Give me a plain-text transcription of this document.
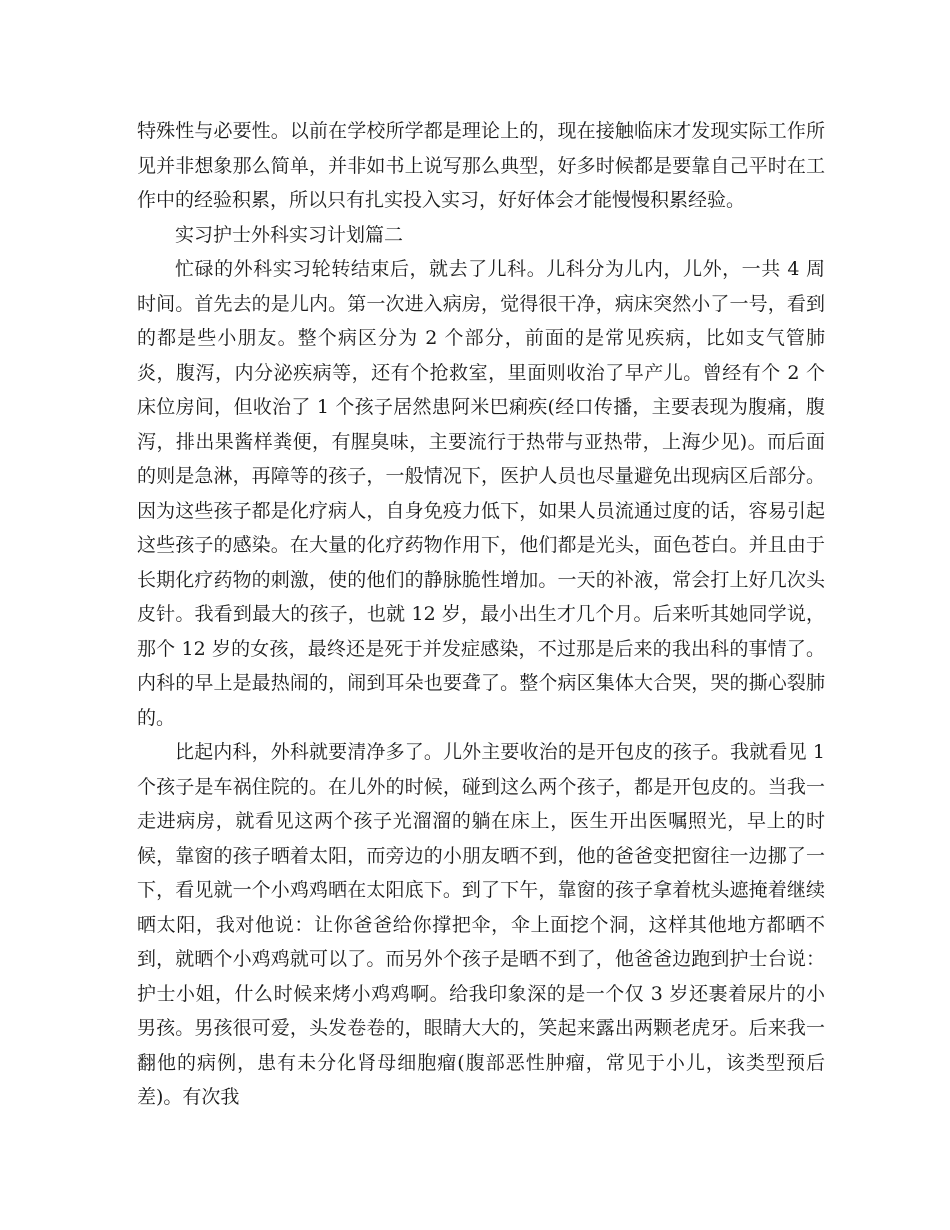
特殊性与必要性。以前在学校所学都是理论上的，现在接触临床才发现实际工作所见并非想象那么简单，并非如书上说写那么典型，好多时候都是要靠自己平时在工作中的经验积累，所以只有扎实投入实习，好好体会才能慢慢积累经验。

实习护士外科实习计划篇二

忙碌的外科实习轮转结束后，就去了儿科。儿科分为儿内，儿外，一共 4 周时间。首先去的是儿内。第一次进入病房，觉得很干净，病床突然小了一号，看到的都是些小朋友。整个病区分为 2 个部分，前面的是常见疾病，比如支气管肺炎，腹泻，内分泌疾病等，还有个抢救室，里面则收治了早产儿。曾经有个 2 个床位房间，但收治了 1 个孩子居然患阿米巴痢疾(经口传播，主要表现为腹痛，腹泻，排出果酱样粪便，有腥臭味，主要流行于热带与亚热带，上海少见)。而后面的则是急淋，再障等的孩子，一般情况下，医护人员也尽量避免出现病区后部分。因为这些孩子都是化疗病人，自身免疫力低下，如果人员流通过度的话，容易引起这些孩子的感染。在大量的化疗药物作用下，他们都是光头，面色苍白。并且由于长期化疗药物的刺激，使的他们的静脉脆性增加。一天的补液，常会打上好几次头皮针。我看到最大的孩子，也就 12 岁，最小出生才几个月。后来听其她同学说，那个 12 岁的女孩，最终还是死于并发症感染，不过那是后来的我出科的事情了。内科的早上是最热闹的，闹到耳朵也要聋了。整个病区集体大合哭，哭的撕心裂肺的。

比起内科，外科就要清净多了。儿外主要收治的是开包皮的孩子。我就看见 1 个孩子是车祸住院的。在儿外的时候，碰到这么两个孩子，都是开包皮的。当我一走进病房，就看见这两个孩子光溜溜的躺在床上，医生开出医嘱照光，早上的时候，靠窗的孩子晒着太阳，而旁边的小朋友晒不到，他的爸爸变把窗往一边挪了一下，看见就一个小鸡鸡晒在太阳底下。到了下午，靠窗的孩子拿着枕头遮掩着继续晒太阳，我对他说：让你爸爸给你撑把伞，伞上面挖个洞，这样其他地方都晒不到，就晒个小鸡鸡就可以了。而另外个孩子是晒不到了，他爸爸边跑到护士台说：护士小姐，什么时候来烤小鸡鸡啊。给我印象深的是一个仅 3 岁还裹着尿片的小男孩。男孩很可爱，头发卷卷的，眼睛大大的，笑起来露出两颗老虎牙。后来我一翻他的病例，患有未分化肾母细胞瘤(腹部恶性肿瘤，常见于小儿，该类型预后差)。有次我
